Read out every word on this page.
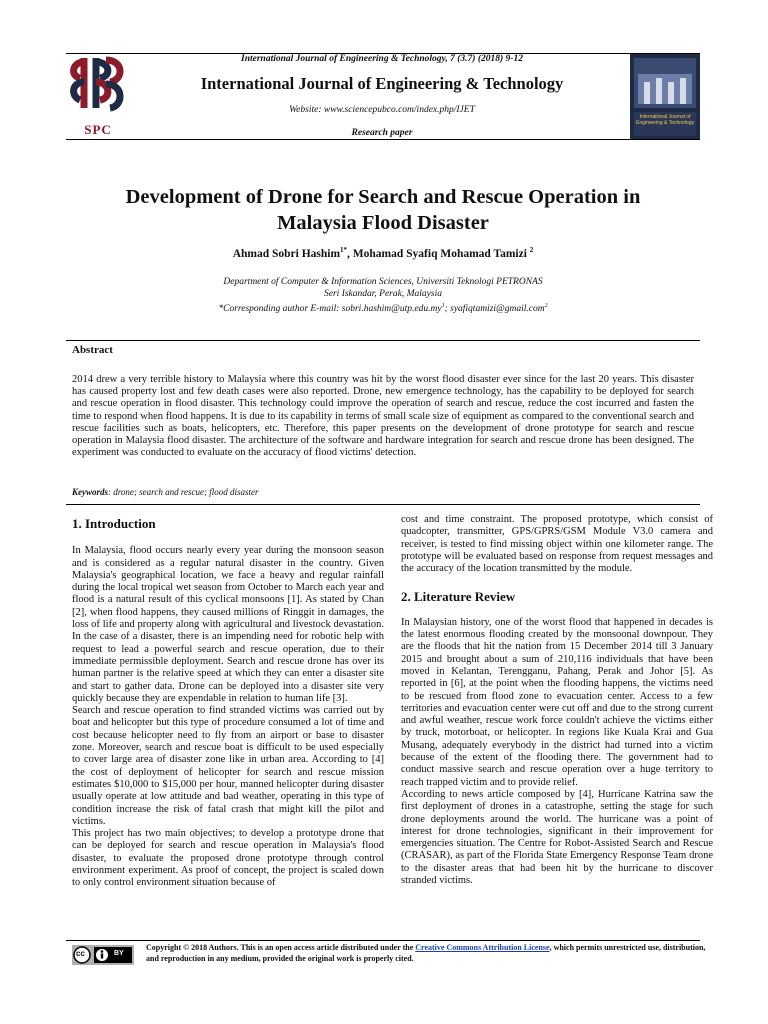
SPC
International Journal of Engineering & Technology, 7 (3.7) (2018) 9-12
International Journal of Engineering & Technology
Website: www.sciencepubco.com/index.php/IJET
Research paper
International Journal of Engineering & Technology
Development of Drone for Search and Rescue Operation in
Malaysia Flood Disaster
Ahmad Sobri Hashim$^{1*}$, Mohamad Syafiq Mohamad Tamizi $^2$
Department of Computer & Information Sciences, Universiti Teknologi PETRONAS
Seri Iskandar, Perak, Malaysia
*Corresponding author E-mail: $sobri.hashim@utp.edu.my^1$; syafiqtamizi@gmail.com$^2$
Abstract
2014 drew a very terrible history to Malaysia where this country was hit by the worst flood disaster ever since for the last 20 years. This disaster has caused property lost and few death cases were also reported. Drone, new emergence technology, has the capability to be deployed for search and rescue operation in flood disaster. This technology could improve the operation of search and rescue, reduce the cost incurred and fasten the time to respond when flood happens. It is due to its capability in terms of small scale size of equipment as compared to the conventional search and rescue facilities such as boats, helicopters, etc. Therefore, this paper presents on the development of drone prototype for search and rescue operation in Malaysia flood disaster. The architecture of the software and hardware integration for search and rescue drone has been designed. The experiment was conducted to evaluate on the accuracy of flood victims' detection.
Keywords: drone; search and rescue; flood disaster
1. Introduction

In Malaysia, flood occurs nearly every year during the monsoon season and is considered as a regular natural disaster in the country. Given Malaysia's geographical location, we face a heavy and regular rainfall during the local tropical wet season from October to March each year and flood is a natural result of this cyclical monsoons [1]. As stated by Chan [2], when flood happens, they caused millions of Ringgit in damages, the loss of life and property along with agricultural and livestock devastation. In the case of a disaster, there is an impending need for robotic help with request to lead a powerful search and rescue operation, due to their immediate permissible deployment. Search and rescue drone has over its human partner is the relative speed at which they can enter a disaster site and start to gather data. Drone can be deployed into a disaster site very quickly because they are expendable in relation to human life [3].

Search and rescue operation to find stranded victims was carried out by boat and helicopter but this type of procedure consumed a lot of time and cost because helicopter need to fly from an airport or base to disaster zone. Moreover, search and rescue boat is difficult to be used especially to cover large area of disaster zone like in urban area. According to [4] the cost of deployment of helicopter for search and rescue mission estimates $10,000 to $15,000 per hour, manned helicopter during disaster usually operate at low attitude and bad weather, operating in this type of condition increase the risk of fatal crash that might kill the pilot and victims.

This project has two main objectives; to develop a prototype drone that can be deployed for search and rescue operation in Malaysia's flood disaster, to evaluate the proposed drone prototype through control environment experiment. As proof of concept, the project is scaled down to only control environment situation because of

cost and time constraint. The proposed prototype, which consist of quadcopter, transmitter, GPS/GPRS/GSM Module V3.0 camera and receiver, is tested to find missing object within one kilometer range. The prototype will be evaluated based on response from request messages and the accuracy of the location transmitted by the module.

2. Literature Review

In Malaysian history, one of the worst flood that happened in decades is the latest enormous flooding created by the monsoonal downpour. They are the floods that hit the nation from 15 December 2014 till 3 January 2015 and brought about a sum of 210,116 individuals that have been moved in Kelantan, Terengganu, Pahang, Perak and Johor [5]. As reported in [6], at the point when the flooding happens, the victims need to be rescued from flood zone to evacuation center. Access to a few territories and evacuation center were cut off and due to the strong current and awful weather, rescue work force couldn't achieve the victims either by truck, motorboat, or helicopter. In regions like Kuala Krai and Gua Musang, adequately everybody in the district had turned into a victim because of the extent of the flooding there. The government had to conduct massive search and rescue operation over a huge territory to reach trapped victim and to provide relief.

According to news article composed by [4], Hurricane Katrina saw the first deployment of drones in a catastrophe, setting the stage for such drone deployments around the world. The hurricane was a point of interest for drone technologies, significant in their improvement for emergencies situation. The Centre for Robot-Assisted Search and Rescue (CRASAR), as part of the Florida State Emergency Response Team drone to the disaster areas that had been hit by the hurricane to discover stranded victims.

cc	BY
Copyright © 2018 Authors. This is an open access article distributed under the Creative Commons Attribution License, which permits unrestricted use, distribution, and reproduction in any medium, provided the original work is properly cited.
